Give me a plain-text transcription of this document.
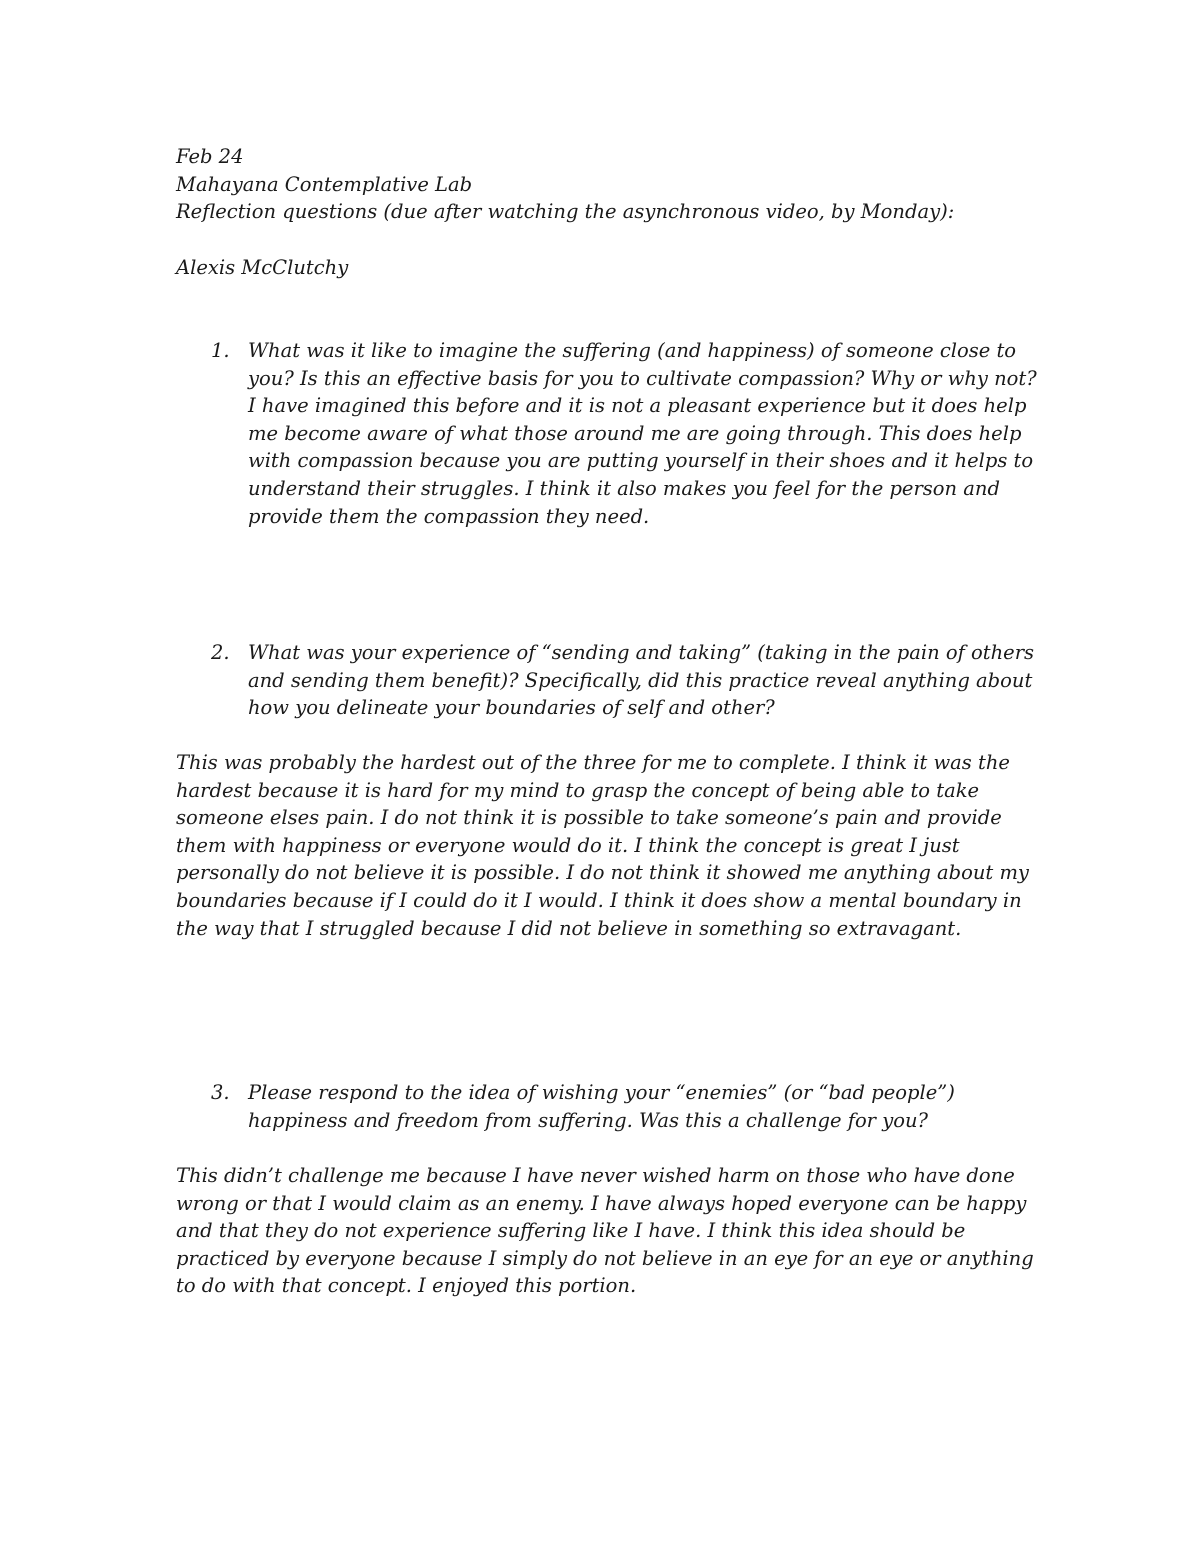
Feb 24

Mahayana Contemplative Lab

Reflection questions (due after watching the asynchronous video, by Monday):

Alexis McClutchy

1. What was it like to imagine the suffering (and happiness) of someone close to

you? Is this an effective basis for you to cultivate compassion? Why or why not?

I have imagined this before and it is not a pleasant experience but it does help

me become aware of what those around me are going through. This does help

with compassion because you are putting yourself in their shoes and it helps to

understand their struggles. I think it also makes you feel for the person and

provide them the compassion they need.

2. What was your experience of “sending and taking” (taking in the pain of others

and sending them benefit)? Specifically, did this practice reveal anything about

how you delineate your boundaries of self and other?

This was probably the hardest out of the three for me to complete. I think it was the

hardest because it is hard for my mind to grasp the concept of being able to take

someone elses pain. I do not think it is possible to take someone’s pain and provide

them with happiness or everyone would do it. I think the concept is great I just

personally do not believe it is possible. I do not think it showed me anything about my

boundaries because if I could do it I would. I think it does show a mental boundary in

the way that I struggled because I did not believe in something so extravagant.

3. Please respond to the idea of wishing your “enemies” (or “bad people”)

happiness and freedom from suffering. Was this a challenge for you?

This didn’t challenge me because I have never wished harm on those who have done

wrong or that I would claim as an enemy. I have always hoped everyone can be happy

and that they do not experience suffering like I have. I think this idea should be

practiced by everyone because I simply do not believe in an eye for an eye or anything

to do with that concept. I enjoyed this portion.
